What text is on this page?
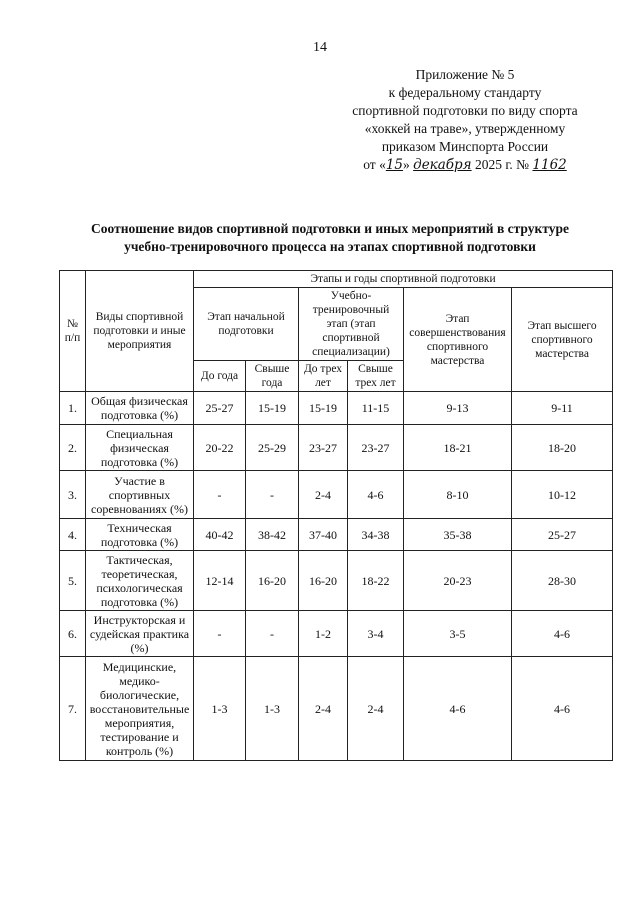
14
Приложение № 5
к федеральному стандарту
спортивной подготовки по виду спорта
«хоккей на траве», утвержденному
приказом Минспорта России
от «15» декабря 2025 г. № 1162
Соотношение видов спортивной подготовки и иных мероприятий в структуре
учебно-тренировочного процесса на этапах спортивной подготовки
№ п/п	Виды спортивной подготовки и иные мероприятия	Этапы и годы спортивной подготовки					
		Этап начальной подготовки		Учебно-тренировочный этап (этап спортивной специализации)		Этап совершенствования спортивного мастерства	Этап высшего спортивного мастерства
		До года	Свыше года	До трех лет	Свыше трех лет		
1.	Общая физическая подготовка (%)	25-27	15-19	15-19	11-15	9-13	9-11
2.	Специальная физическая подготовка (%)	20-22	25-29	23-27	23-27	18-21	18-20
3.	Участие в спортивных соревнованиях (%)	-	-	2-4	4-6	8-10	10-12
4.	Техническая подготовка (%)	40-42	38-42	37-40	34-38	35-38	25-27
5.	Тактическая, теоретическая, психологическая подготовка (%)	12-14	16-20	16-20	18-22	20-23	28-30
6.	Инструкторская и судейская практика (%)	-	-	1-2	3-4	3-5	4-6
7.	Медицинские, медико-биологические, восстановительные мероприятия, тестирование и контроль (%)	1-3	1-3	2-4	2-4	4-6	4-6
